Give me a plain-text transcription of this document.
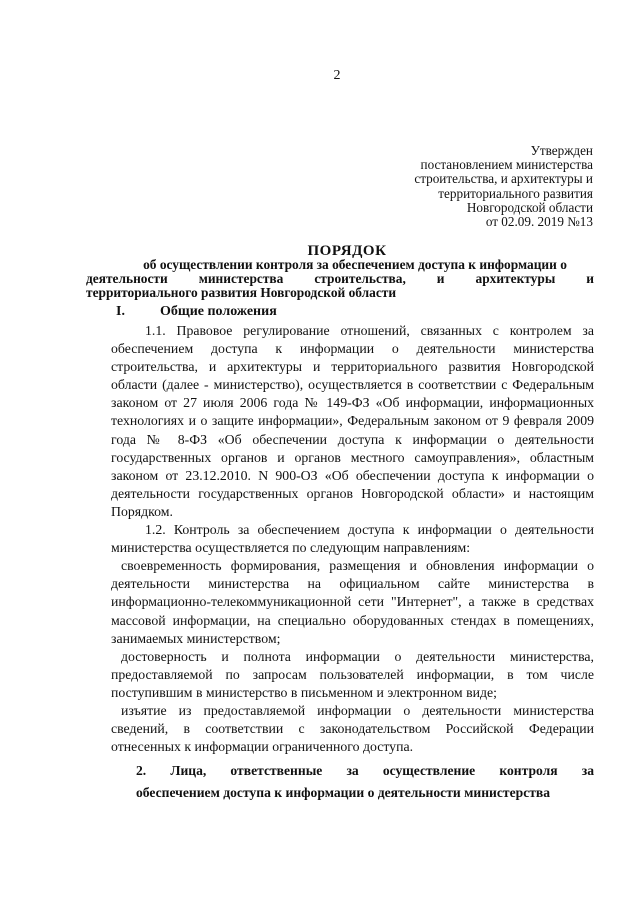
2
Утвержден
постановлением министерства
строительства, и архитектуры и
территориального развития
Новгородской области
от 02.09. 2019 №13
ПОРЯДОК
об осуществлении контроля за обеспечением доступа к информации о
деятельности министерства строительства, и архитектуры и
территориального развития Новгородской области
I.	Общие положения

1.1. Правовое регулирование отношений, связанных с контролем за обеспечением доступа к информации о деятельности министерства строительства, и архитектуры и территориального развития Новгородской области (далее - министерство), осуществляется в соответствии с Федеральным законом от 27 июля 2006 года № 149-ФЗ «Об информации, информационных технологиях и о защите информации», Федеральным законом от 9 февраля 2009 года № 8-ФЗ «Об обеспечении доступа к информации о деятельности государственных органов и органов местного самоуправления», областным законом от 23.12.2010. N 900-ОЗ «Об обеспечении доступа к информации о деятельности государственных органов Новгородской области» и настоящим Порядком.

1.2. Контроль за обеспечением доступа к информации о деятельности министерства осуществляется по следующим направлениям:

своевременность формирования, размещения и обновления информации о деятельности министерства на официальном сайте министерства в информационно-телекоммуникационной сети "Интернет", а также в средствах массовой информации, на специально оборудованных стендах в помещениях, занимаемых министерством;

достоверность и полнота информации о деятельности министерства, предоставляемой по запросам пользователей информации, в том числе поступившим в министерство в письменном и электронном виде;

изъятие из предоставляемой информации о деятельности министерства сведений, в соответствии с законодательством Российской Федерации отнесенных к информации ограниченного доступа.

2. Лица, ответственные за осуществление контроля за
обеспечением доступа к информации о деятельности министерства
